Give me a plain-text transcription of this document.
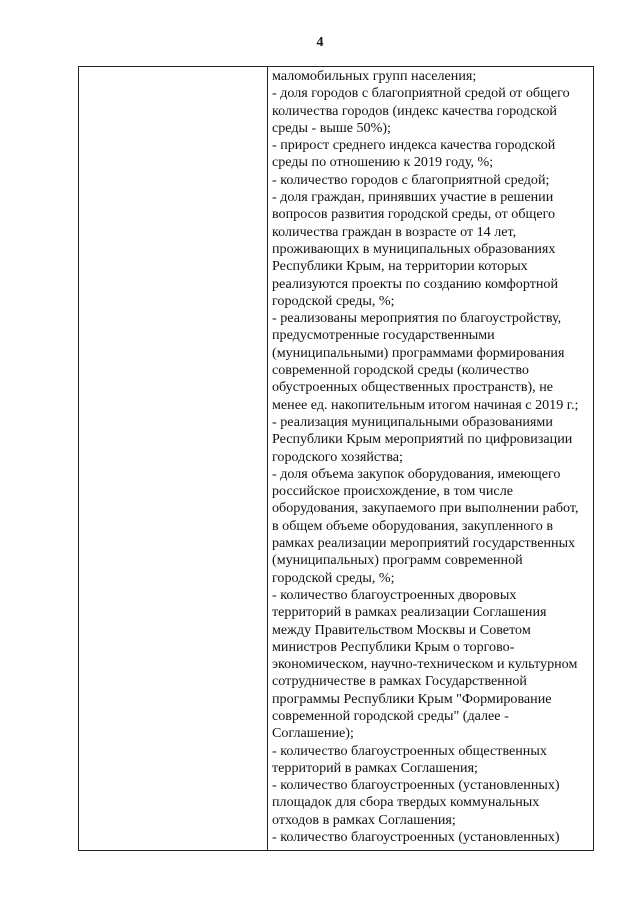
4
маломобильных групп населения;
- доля городов с благоприятной средой от общего
количества городов (индекс качества городской
среды - выше 50%);
- прирост среднего индекса качества городской
среды по отношению к 2019 году, %;
- количество городов с благоприятной средой;
- доля граждан, принявших участие в решении
вопросов развития городской среды, от общего
количества граждан в возрасте от 14 лет,
проживающих в муниципальных образованиях
Республики Крым, на территории которых
реализуются проекты по созданию комфортной
городской среды, %;
- реализованы мероприятия по благоустройству,
предусмотренные государственными
(муниципальными) программами формирования
современной городской среды (количество
обустроенных общественных пространств), не
менее ед. накопительным итогом начиная с 2019 г.;
- реализация муниципальными образованиями
Республики Крым мероприятий по цифровизации
городского хозяйства;
- доля объема закупок оборудования, имеющего
российское происхождение, в том числе
оборудования, закупаемого при выполнении работ,
в общем объеме оборудования, закупленного в
рамках реализации мероприятий государственных
(муниципальных) программ современной
городской среды, %;
- количество благоустроенных дворовых
территорий в рамках реализации Соглашения
между Правительством Москвы и Советом
министров Республики Крым о торгово-
экономическом, научно-техническом и культурном
сотрудничестве в рамках Государственной
программы Республики Крым "Формирование
современной городской среды" (далее -
Соглашение);
- количество благоустроенных общественных
территорий в рамках Соглашения;
- количество благоустроенных (установленных)
площадок для сбора твердых коммунальных
отходов в рамках Соглашения;
- количество благоустроенных (установленных)
